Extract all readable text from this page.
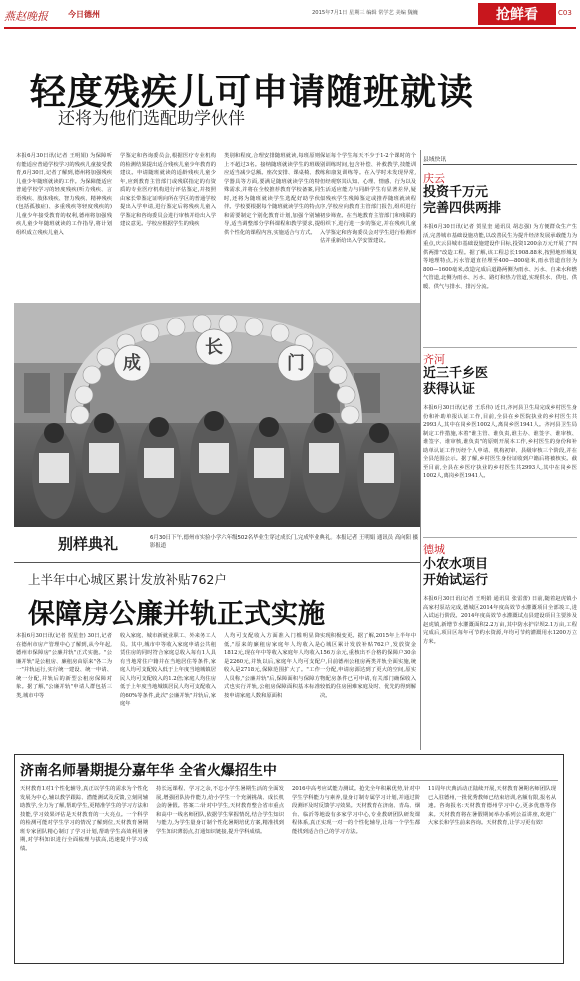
燕赵晚报	今日德州	2015年7月1日 星期三 编辑 常学艺 美编 魏巍	抢鲜看	C03
轻度残疾儿可申请随班就读
还将为他们选配助学伙伴
本报6月30日讯(记者 王明娟) 为保障听有能适应普通学校学习的残疾儿童接受教育,6月30日,记者了解到,德州将加强残疾儿童少年随班就读的工作。为保障能适应普通学校学习的轻度残疾(听力残疾、言语残疾、肢体残疾、智力残疾、精神残疾(包括孤独症)、多重残疾等轻度残疾的)儿童少年接受教育的权利,德州将加强残疾儿童少年随班就读的工作指导,将计划组织成立残疾儿童入
学鉴定和咨询委员会,根据医疗专业机构的检测结果提出适合残疾儿童少年教育的建议。申请随班就读的适龄残疾儿童少年,应到教育主管部门或残联指定的有资质的专业医疗机构进行评估鉴定,并按照由家长带鉴定证明向所在学区的普通学校提出入学申请,进行鉴定后将残疾儿童入学鉴定和咨询委员会进行审核并给出入学建议意见。学校应根据学生的残疾
类别和程度,合理安排随班就读,每班原则上不超过3名。接纳随班就读学生的班级应适当减少总额。座次安排、课桌椅、教学器具等方面,要满足随班就读学生的特殊需求,并将在全校推荐教育学校备案,同时,还将为随班就读学生选配好助学伙伴。学校要根据每个随班就读学生的特点和需要制定个别化教育计划,加强个别辅导,适当调整部分学科课程和教学要求,提供个性化的课程内容,实施适合与方式。
保证每个学生每天不少于1-2个课时的个别训练时间,包含补偿、补救教学,技能训练和康复训练等。在入学时未发现异常,但经观察其认知、心理、情感、行为以及生活适应能力与同龄学生有显著差异,疑似残疾学生残障鉴定或推荐随班就读程序,学校应向教育主管部门报告,组织进行初步筛查。在当地教育主管部门和残联的组织下,进行进一步的鉴定,并在残疾儿童入学鉴定和咨询委员会对学生进行检测评估并重新给出入学安置建议。
县域快讯
庆云
投资千万元
完善四供两排
本报6月30日讯(记者 贺星奎 通讯员 胡志强) 为方便群众生产生活,完善城市基础设施功能,以改善民生为提升经济发展承载能力为重点,庆云县城市基础设施建设作目标,投资1200余万元开展了"四供两排"改造工程。据了解,该工程总长1908.88米,按照地形城复等地理特点,污水管道直径埋至400—800毫米,雨水管道直径为800—1600毫米,改造完成后道路两侧为雨水、污水、自来水和燃气管道,北侧为雨水、污水、路灯和热力管道,实现供水、供电、供暖、供气与排水、排污分流。
齐河
近三千乡医
获得认证
本报6月30日讯(记者 王乐伟) 近日,齐河县卫生局完成乡村医生身份和补助单报认证工作,目前,全县在乡医院执业的乡村医生共2993人,其中在岗乡医1002人,离岗乡医1941人。齐河县卫生局制定工作措施,本着"谁主管、谁负责,谁主办、谁签字、谁审核、谁签字、谁审核,谁负责"的原则开展本工作,乡村医生的身份和补助单认证工作历经个人申请、机构初审、县级审核三个阶段,并在全县范围公示。据了解,乡村医生身份证收到户籍后将被核实。截至目前,全县在乡医疗执业的乡村医生共2993人,其中在岗乡医1002人,离岗乡医1941人。
德城
小农水项目
开始试运行
本报6月30日讯(记者 王明娟 通讯员 张雷蕾) 日前,随着赵虎镇小高家村泵站完成,德城区2014年度高效节水灌溉项目全部竣工,进入试运行阶段。2014年度高效节水灌溉试点县建设项目主要涉及赵虎镇,新增节水灌溉面积2.2万亩,其中防水护岸坝2.1万亩,工程完成后,项目区每年可节约水资源,年均可节约灌溉用水1200万立方米。
成
长
门
别样典礼	6月30日下午,德州市实验小学六年级502名毕业生穿过成长门,完成毕业典礼。本报记者 王明娟 通讯员 高向阳 摄影报道
上半年中心城区累计发放补贴762户
保障房公廉并轨正式实施
本报6月30日讯(记者 贺星奎) 30日,记者在德州市房产管理中心了解到,从今年起,德州市保障房"公廉并轨"正式实施。"公廉并轨"是公租房、廉租房由原来"各二为一"并轨运行,实行统一建设、统一申请、统一分配,并轨后的新型公租房保障对象。据了解,"公廉并轨"申请人群包括三类,城市中等
收入家庭、城市新就业职工、外来务工人员。其中,城市中等收入家庭申请公共租赁住房的同时符合家庭总收入每有1人具有当地常住户籍并在当地居住等条件,家庭人均可支配收入低于上年度当地城镇居民人均可支配收入的1.2倍;家庭人均住房低于上年度当地城镇居民人均可支配收入的60%等条件,此次"公廉并轨"并轨后,家庭年
人均可支配收入方面准入门槛明显降低,"原来的廉租房家庭年人均收入是1812元,现在年中等收入家庭年人均收入是2260元,并轨以后,家庭年人均可支配收入是2718元,保障范围扩大了。"工作人员称,"公廉并轨"后,保障面积与保障方式也实行并轨,公租房保障面积基本标准按申请家庭人数和原面积
实现积极变更。据了解,2015年上半年中心城区累计发放补贴762户,发放资金156万余元,重核出不合格的保障户30余户,目前德州公租房两类并轨全面实施,统一分配,申请房源达到了更大的空间,原实物配房条件已可申请,有关部门确保收入较低的住房困难家庭及时、优先的得到解决。
济南名师暑期提分嘉年华 全省火爆招生中
天材教育1对1个性化辅导,真正以学生的需求为个性化发展为中心,辅以教学跟踪、潜能测试及反馈,立刻同辅助教学,全力为了解,帮助学生,更精准学生的学习方法和技能,学习效果评估是天材教育的一大亮点。一个科学的检测可能对学生学习的情况了解到位,天材教育暑期班专家团队精心制订了学习计划,帮助学生高效利用暑期,对学科知识进行全面梳理与拔高,迅速提升学习成绩。
持长远课程、学习之余,不忘小学生暑期生活的全面发展,增强团队协作能力,给小学生一个充满挑战、成长机会的暑假。答案二:针对中学生,天材教育整合省市重点和高中一线名师团队,依据学生掌握情况,结合学生知识与能力,为学生量身订制个性化暑期培优方案,精准找到学生知识薄弱点,打通知识链接,提升学科成绩。
2016中高考应试能力测试。抢先全年积累优势,针对中学生学科能力与素养,量身订制专属学习计划,并通过阶段测评及时反馈学习效果。天材教育在济南、青岛、烟台、临沂等地设有多家学习中心,专业教研团队研发课程体系,真正实现一对一的个性化辅导,让每一个学生都能找到适合自己的学习方法。
11周年庆典活动正陆续开展,天材教育暑期名师团队现已入驻德州,一批优秀教师已结束培训,名额有限,报名从速。咨询报名:天材教育德州学习中心,更多优惠等你来。天材教育将在暑假期间举办系列公益讲座,欢迎广大家长和学生前来咨询。天材教育,让学习更有效!
